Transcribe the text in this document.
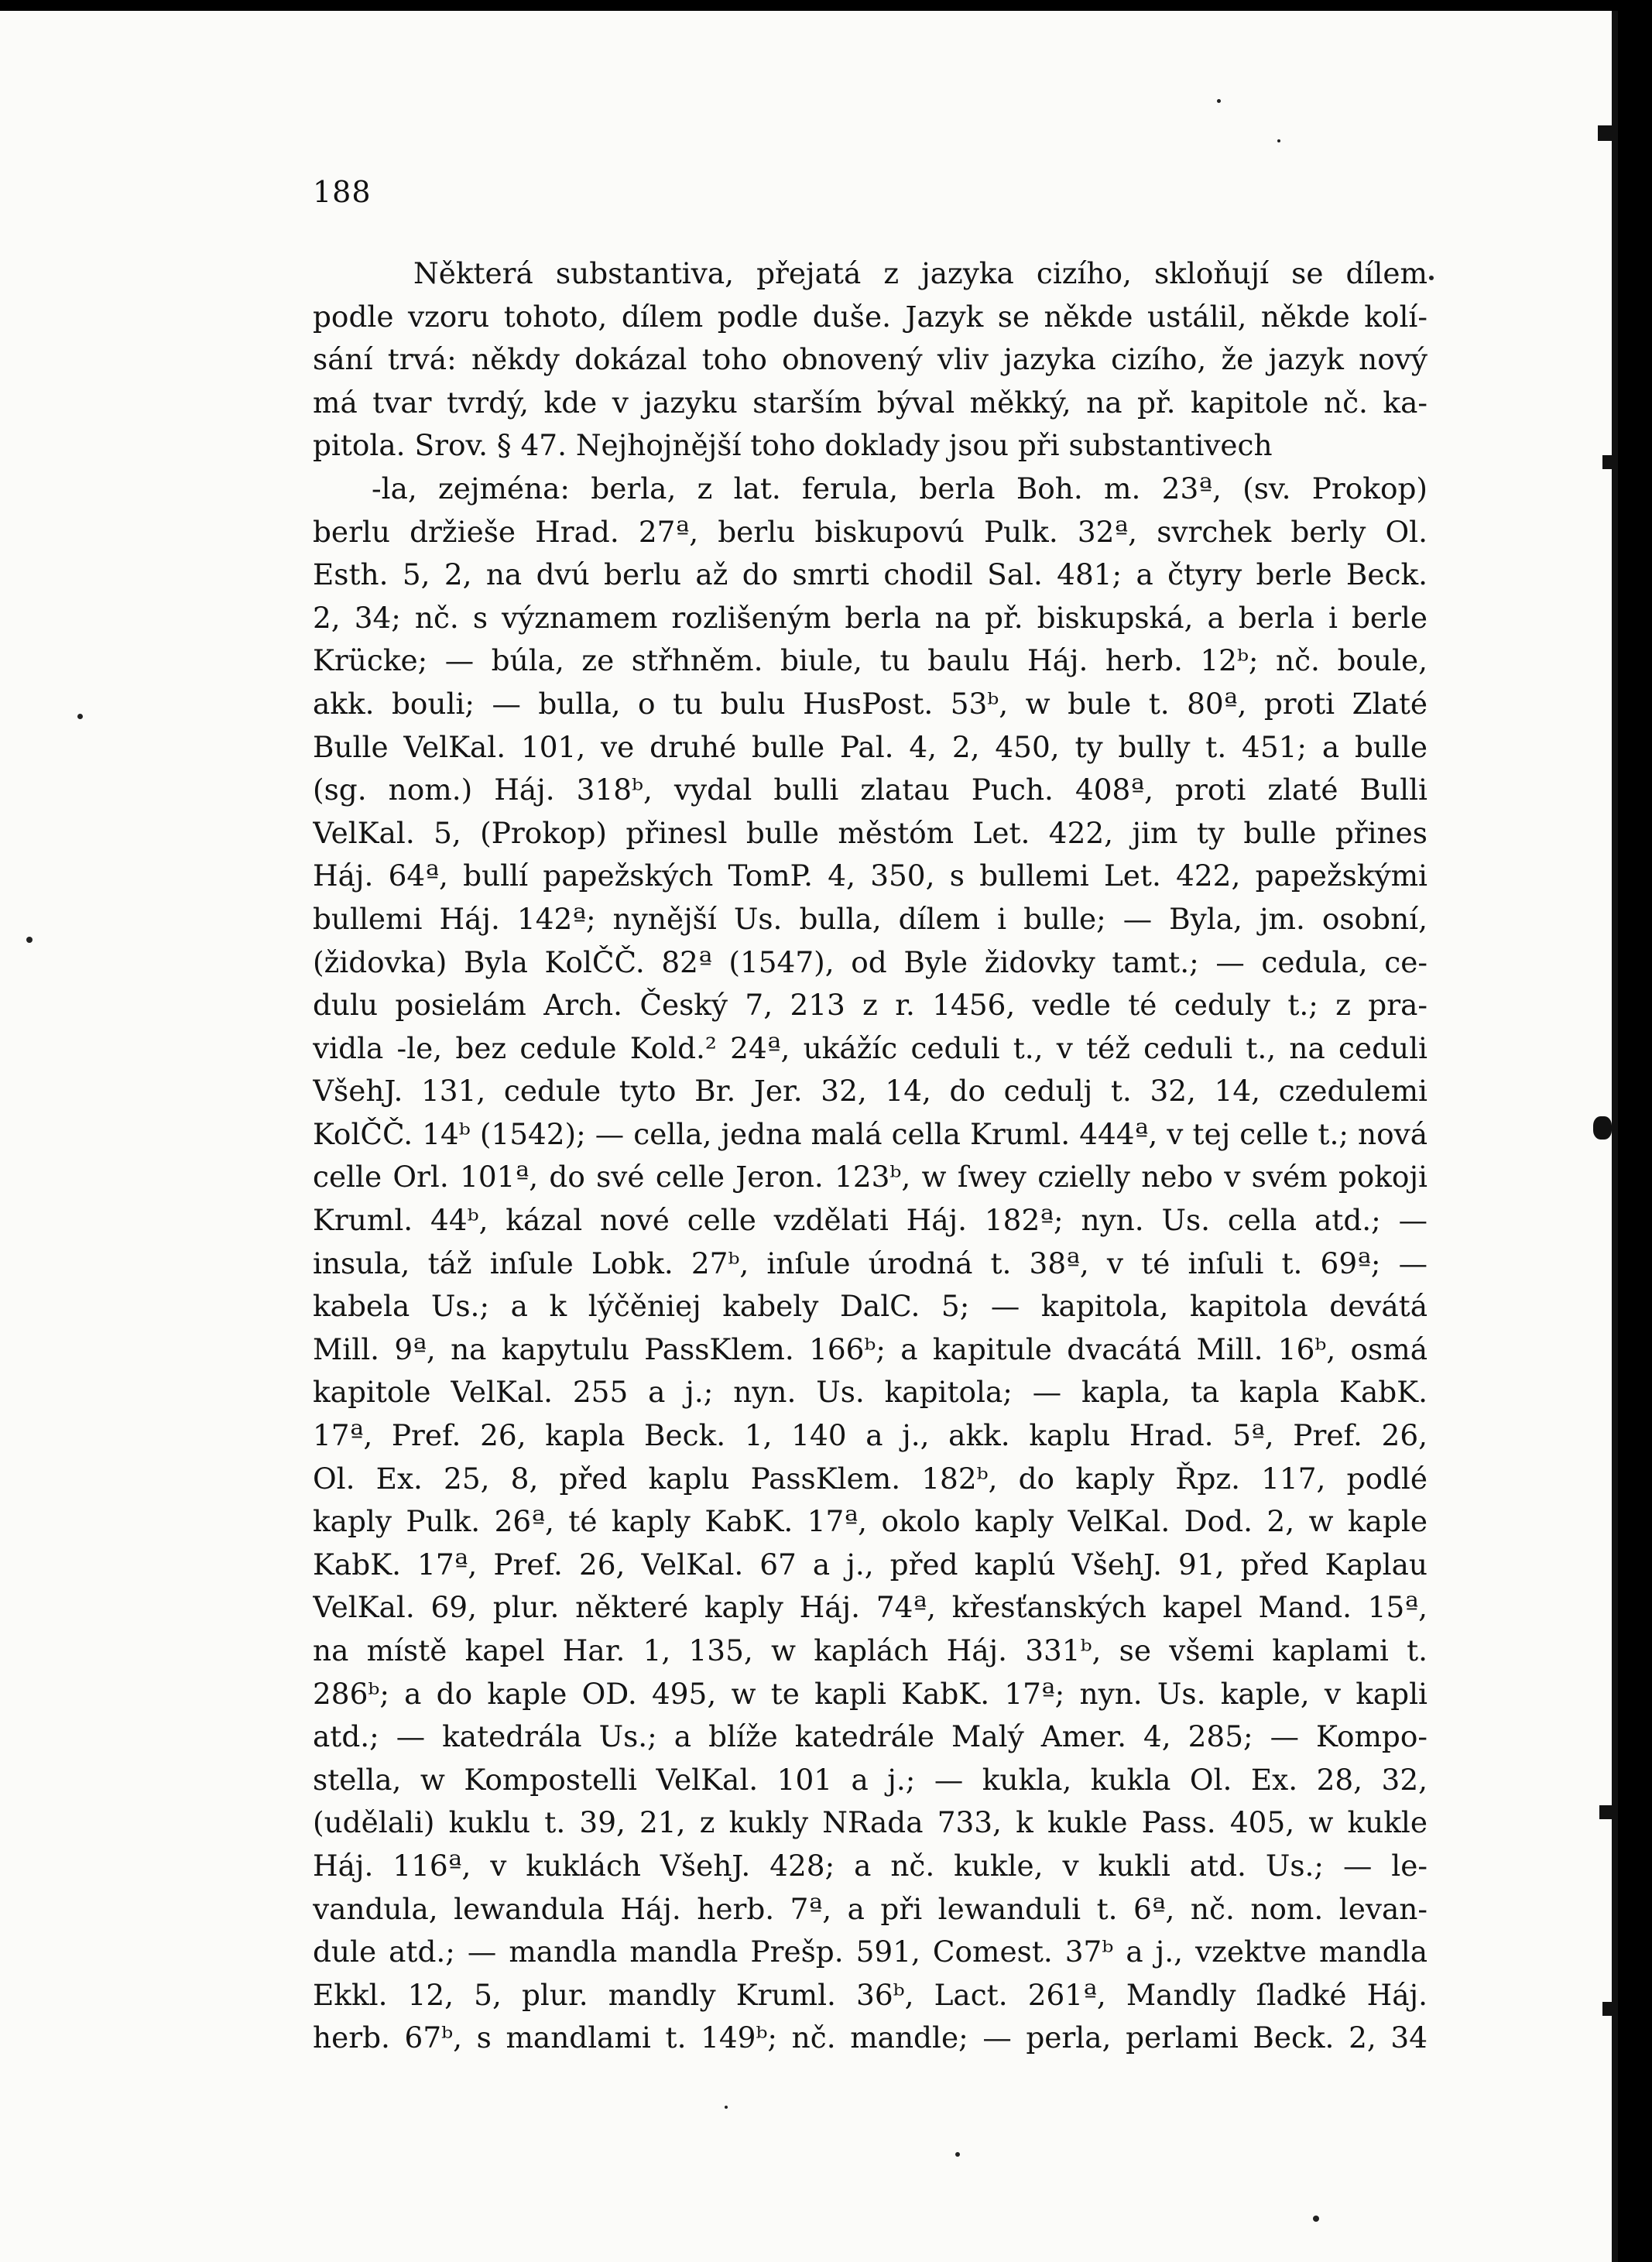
188
Některá substantiva, přejatá z jazyka cizího, skloňují se dílem
podle vzoru tohoto, dílem podle duše. Jazyk se někde ustálil, někde kolí-
sání trvá: někdy dokázal toho obnovený vliv jazyka cizího, že jazyk nový
má tvar tvrdý, kde v jazyku starším býval měkký, na př. kapitole nč. ka-
pitola. Srov. § 47. Nejhojnější toho doklady jsou při substantivech
-la, zejména: berla, z lat. ferula, berla Boh. m. 23ª, (sv. Prokop)
berlu držieše Hrad. 27ª, berlu biskupovú Pulk. 32ª, svrchek berly Ol.
Esth. 5, 2, na dvú berlu až do smrti chodil Sal. 481; a čtyry berle Beck.
2, 34; nč. s významem rozlišeným berla na př. biskupská, a berla i berle
Krücke; — búla, ze střhněm. biule, tu baulu Háj. herb. 12ᵇ; nč. boule,
akk. bouli; — bulla, o tu bulu HusPost. 53ᵇ, w bule t. 80ª, proti Zlaté
Bulle VelKal. 101, ve druhé bulle Pal. 4, 2, 450, ty bully t. 451; a bulle
(sg. nom.) Háj. 318ᵇ, vydal bulli zlatau Puch. 408ª, proti zlaté Bulli
VelKal. 5, (Prokop) přinesl bulle městóm Let. 422, jim ty bulle přines
Háj. 64ª, bullí papežských TomP. 4, 350, s bullemi Let. 422, papežskými
bullemi Háj. 142ª; nynější Us. bulla, dílem i bulle; — Byla, jm. osobní,
(židovka) Byla KolČČ. 82ª (1547), od Byle židovky tamt.; — cedula, ce-
dulu posielám Arch. Český 7, 213 z r. 1456, vedle té ceduly t.; z pra-
vidla -le, bez cedule Kold.² 24ª, ukážíc ceduli t., v též ceduli t., na ceduli
VšehJ. 131, cedule tyto Br. Jer. 32, 14, do cedulj t. 32, 14, czedulemi
KolČČ. 14ᵇ (1542); — cella, jedna malá cella Kruml. 444ª, v tej celle t.; nová
celle Orl. 101ª, do své celle Jeron. 123ᵇ, w ſwey czielly nebo v svém pokoji
Kruml. 44ᵇ, kázal nové celle vzdělati Háj. 182ª; nyn. Us. cella atd.; —
insula, táž inſule Lobk. 27ᵇ, inſule úrodná t. 38ª, v té inſuli t. 69ª; —
kabela Us.; a k lýčěniej kabely DalC. 5; — kapitola, kapitola devátá
Mill. 9ª, na kapytulu PassKlem. 166ᵇ; a kapitule dvacátá Mill. 16ᵇ, osmá
kapitole VelKal. 255 a j.; nyn. Us. kapitola; — kapla, ta kapla KabK.
17ª, Pref. 26, kapla Beck. 1, 140 a j., akk. kaplu Hrad. 5ª, Pref. 26,
Ol. Ex. 25, 8, před kaplu PassKlem. 182ᵇ, do kaply Řpz. 117, podlé
kaply Pulk. 26ª, té kaply KabK. 17ª, okolo kaply VelKal. Dod. 2, w kaple
KabK. 17ª, Pref. 26, VelKal. 67 a j., před kaplú VšehJ. 91, před Kaplau
VelKal. 69, plur. některé kaply Háj. 74ª, křesťanských kapel Mand. 15ª,
na místě kapel Har. 1, 135, w kaplách Háj. 331ᵇ, se všemi kaplami t.
286ᵇ; a do kaple OD. 495, w te kapli KabK. 17ª; nyn. Us. kaple, v kapli
atd.; — katedrála Us.; a blíže katedrále Malý Amer. 4, 285; — Kompo-
stella, w Kompostelli VelKal. 101 a j.; — kukla, kukla Ol. Ex. 28, 32,
(udělali) kuklu t. 39, 21, z kukly NRada 733, k kukle Pass. 405, w kukle
Háj. 116ª, v kuklách VšehJ. 428; a nč. kukle, v kukli atd. Us.; — le-
vandula, lewandula Háj. herb. 7ª, a při lewanduli t. 6ª, nč. nom. levan-
dule atd.; — mandla mandla Prešp. 591, Comest. 37ᵇ a j., vzektve mandla
Ekkl. 12, 5, plur. mandly Kruml. 36ᵇ, Lact. 261ª, Mandly ſladké Háj.
herb. 67ᵇ, s mandlami t. 149ᵇ; nč. mandle; — perla, perlami Beck. 2, 34
